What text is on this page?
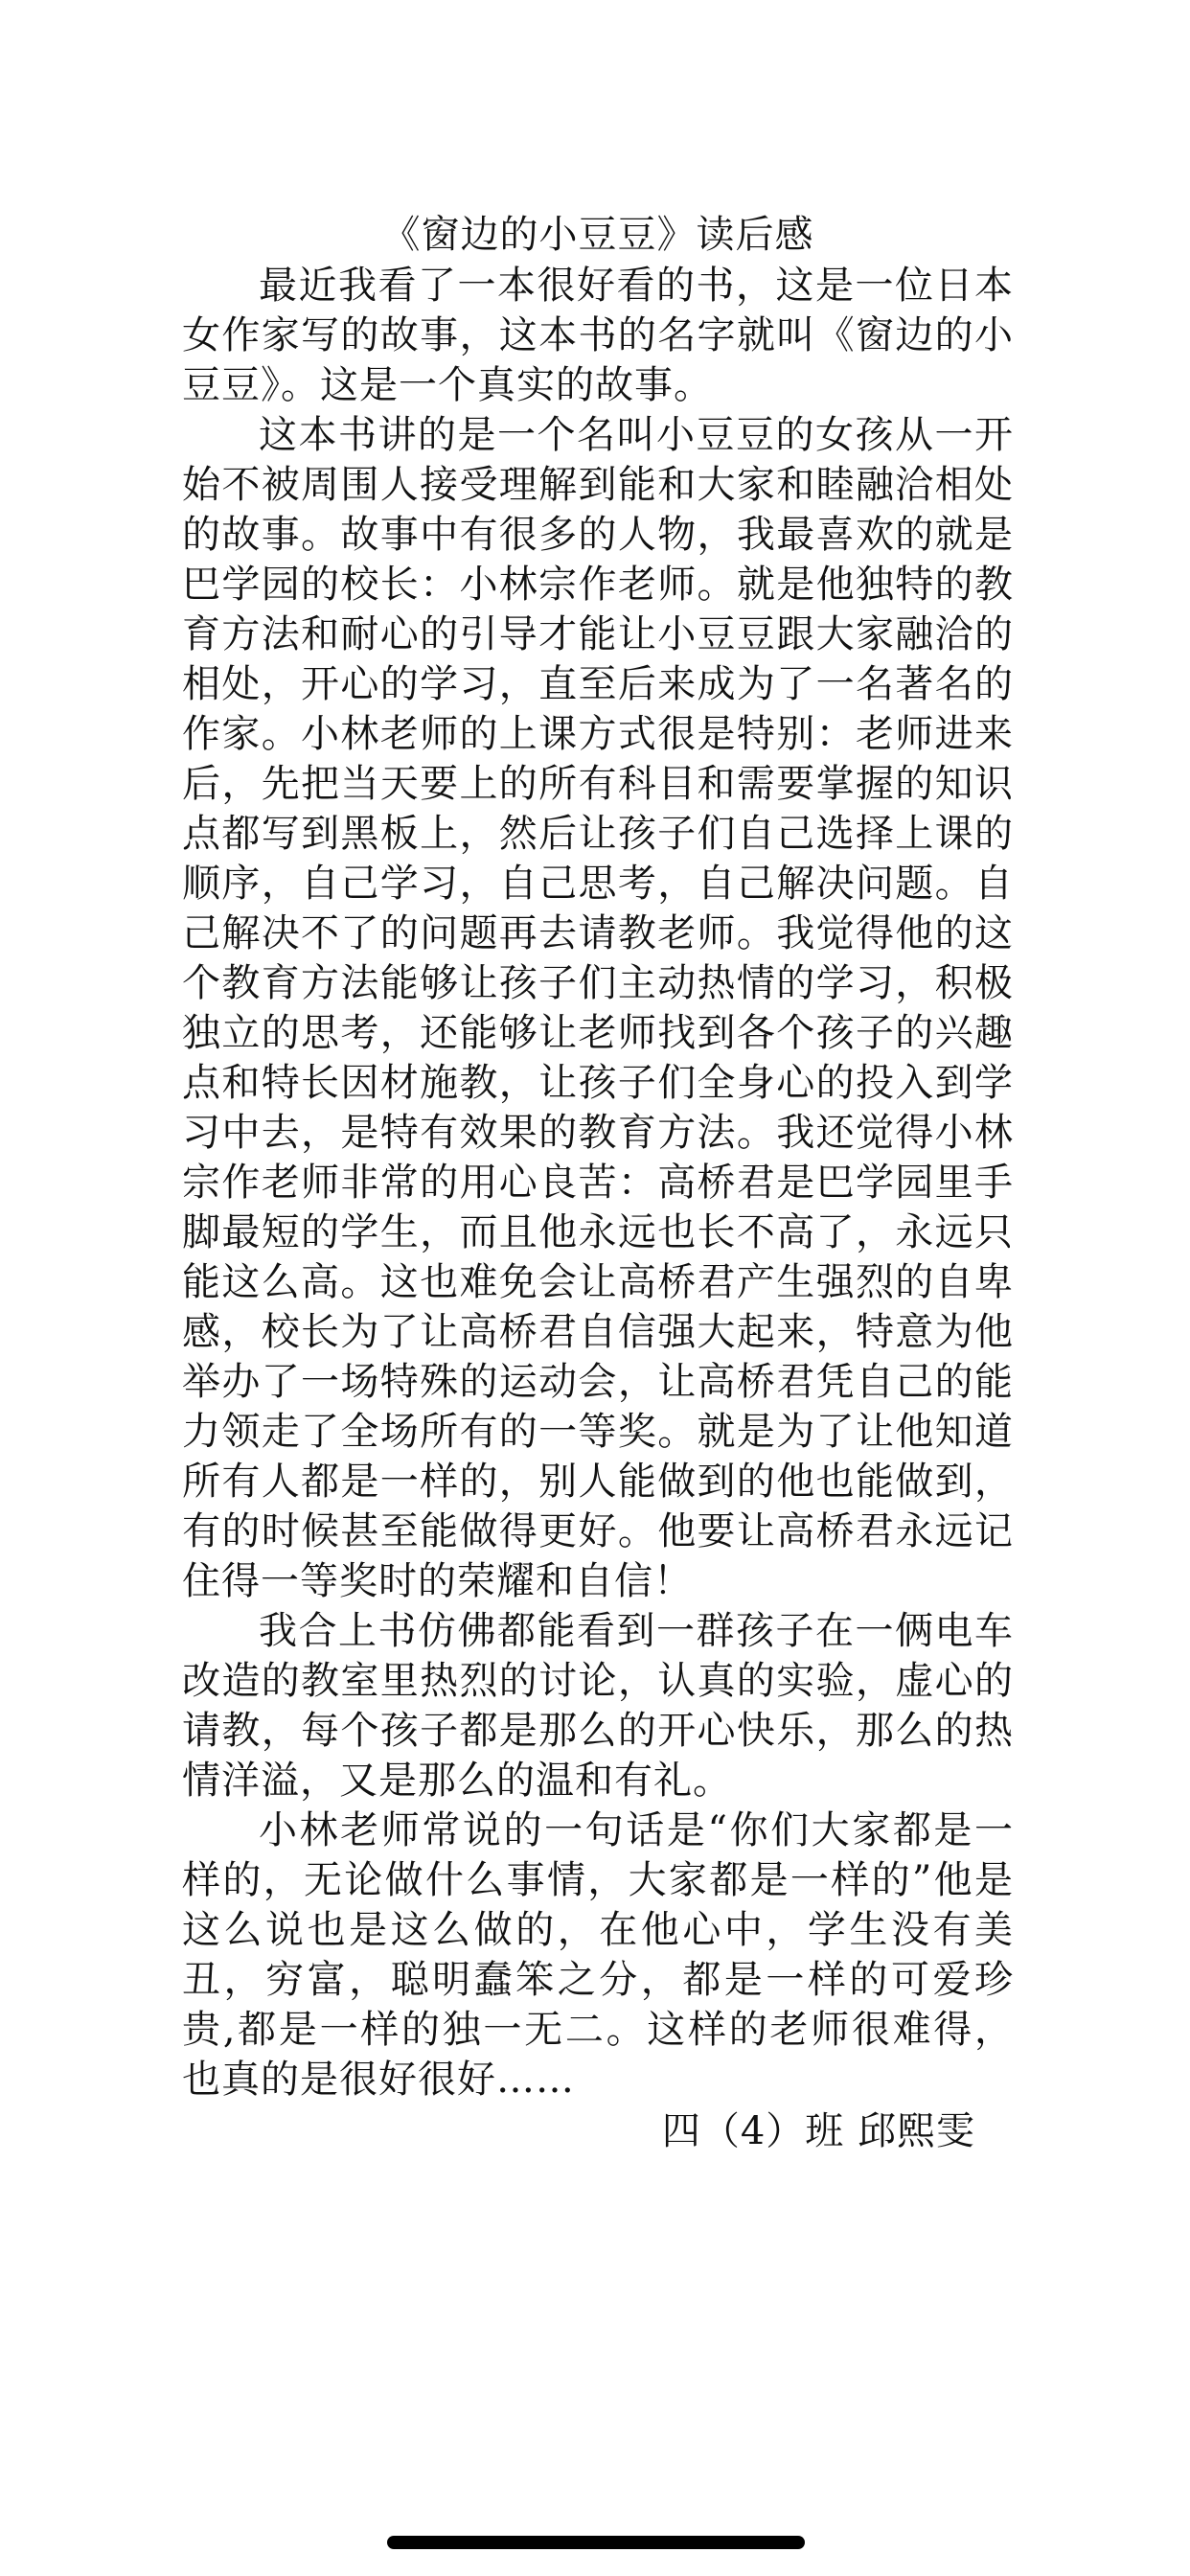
《窗边的小豆豆》读后感

最近我看了一本很好看的书，这是一位日本女作家写的故事，这本书的名字就叫《窗边的小豆豆》。这是一个真实的故事。

这本书讲的是一个名叫小豆豆的女孩从一开始不被周围人接受理解到能和大家和睦融洽相处的故事。故事中有很多的人物，我最喜欢的就是巴学园的校长：小林宗作老师。就是他独特的教育方法和耐心的引导才能让小豆豆跟大家融洽的相处，开心的学习，直至后来成为了一名著名的作家。小林老师的上课方式很是特别：老师进来后，先把当天要上的所有科目和需要掌握的知识点都写到黑板上，然后让孩子们自己选择上课的顺序，自己学习，自己思考，自己解决问题。自己解决不了的问题再去请教老师。我觉得他的这个教育方法能够让孩子们主动热情的学习，积极独立的思考，还能够让老师找到各个孩子的兴趣点和特长因材施教，让孩子们全身心的投入到学习中去，是特有效果的教育方法。我还觉得小林宗作老师非常的用心良苦：高桥君是巴学园里手脚最短的学生，而且他永远也长不高了，永远只能这么高。这也难免会让高桥君产生强烈的自卑感，校长为了让高桥君自信强大起来，特意为他举办了一场特殊的运动会，让高桥君凭自己的能力领走了全场所有的一等奖。就是为了让他知道所有人都是一样的，别人能做到的他也能做到，有的时候甚至能做得更好。他要让高桥君永远记住得一等奖时的荣耀和自信！

我合上书仿佛都能看到一群孩子在一俩电车改造的教室里热烈的讨论，认真的实验，虚心的请教，每个孩子都是那么的开心快乐，那么的热情洋溢，又是那么的温和有礼。

小林老师常说的一句话是“你们大家都是一样的，无论做什么事情，大家都是一样的”他是这么说也是这么做的，在他心中，学生没有美丑，穷富，聪明蠢笨之分，都是一样的可爱珍贵,都是一样的独一无二。这样的老师很难得，也真的是很好很好……

四（4）班 邱熙雯
